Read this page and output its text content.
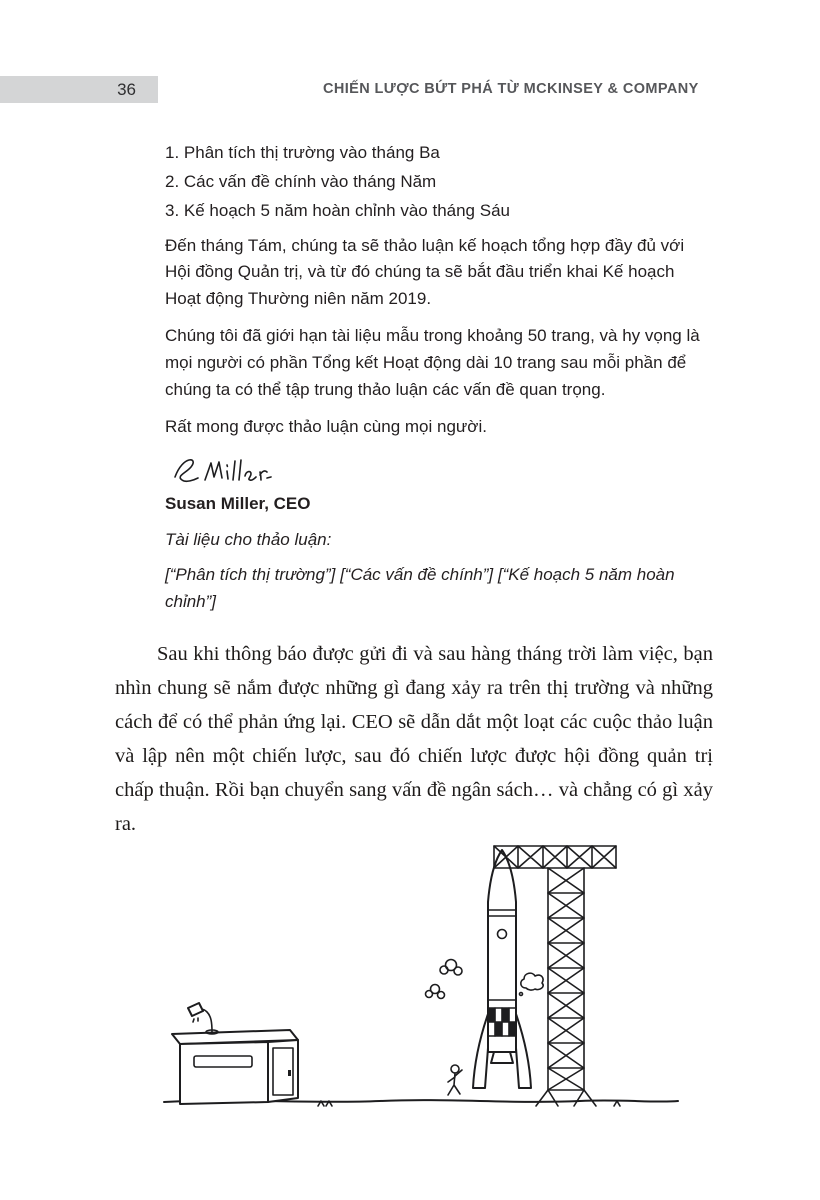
36	CHIẾN LƯỢC BỨT PHÁ TỪ MCKINSEY & COMPANY
1. Phân tích thị trường vào tháng Ba
2. Các vấn đề chính vào tháng Năm
3. Kế hoạch 5 năm hoàn chỉnh vào tháng Sáu

Đến tháng Tám, chúng ta sẽ thảo luận kế hoạch tổng hợp đầy đủ với Hội đồng Quản trị, và từ đó chúng ta sẽ bắt đầu triển khai Kế hoạch Hoạt động Thường niên năm 2019.

Chúng tôi đã giới hạn tài liệu mẫu trong khoảng 50 trang, và hy vọng là mọi người có phần Tổng kết Hoạt động dài 10 trang sau mỗi phần để chúng ta có thể tập trung thảo luận các vấn đề quan trọng.

Rất mong được thảo luận cùng mọi người.

Susan Miller, CEO

Tài liệu cho thảo luận:

[“Phân tích thị trường”] [“Các vấn đề chính”] [“Kế hoạch 5 năm hoàn chỉnh”]

Sau khi thông báo được gửi đi và sau hàng tháng trời làm việc, bạn nhìn chung sẽ nắm được những gì đang xảy ra trên thị trường và những cách để có thể phản ứng lại. CEO sẽ dẫn dắt một loạt các cuộc thảo luận và lập nên một chiến lược, sau đó chiến lược được hội đồng quản trị chấp thuận. Rồi bạn chuyển sang vấn đề ngân sách… và chẳng có gì xảy ra.
